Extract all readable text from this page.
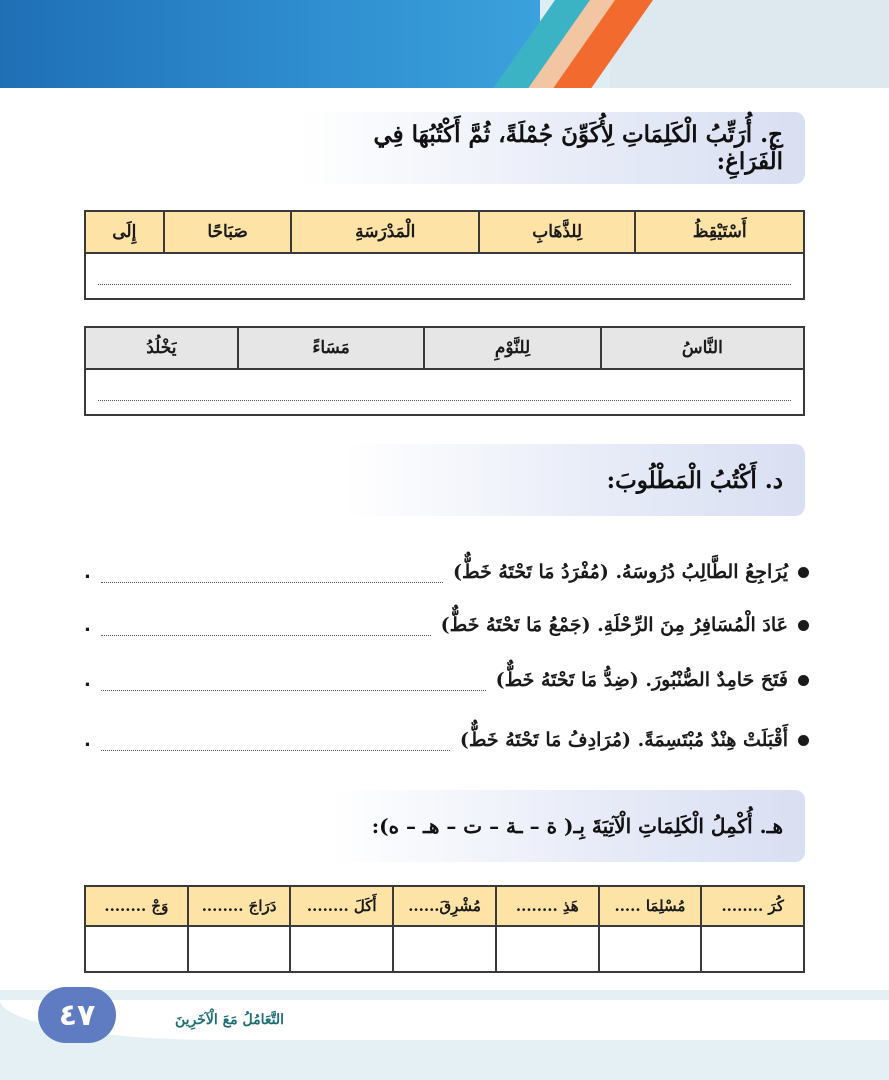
ج. أُرَتِّبُ الْكَلِمَاتِ لِأُكَوِّنَ جُمْلَةً، ثُمَّ أَكْتُبُهَا فِي الْفَرَاغِ:
أَسْتَيْقِظُ	لِلذَّهَابِ	الْمَدْرَسَةِ	صَبَاحًا	إِلَى

النَّاسُ	لِلنَّوْمِ	مَسَاءً	يَخْلُدُ

د. أَكْتُبُ الْمَطْلُوبَ:
يُرَاجِعُ الطَّالِبُ دُرُوسَهُ. (مُفْرَدُ مَا تَحْتَهُ خَطٌّ)
.
عَادَ الْمُسَافِرُ مِنَ الرِّحْلَةِ. (جَمْعُ مَا تَحْتَهُ خَطٌّ)
.
فَتَحَ حَامِدٌ الصُّنْبُورَ. (ضِدُّ مَا تَحْتَهُ خَطٌّ)
.
أَقْبَلَتْ هِنْدٌ مُبْتَسِمَةً. (مُرَادِفُ مَا تَحْتَهُ خَطٌّ)
.
هـ. أُكْمِلُ الْكَلِمَاتِ الْآتِيَةَ بِـ( ة – ـة – ت – هـ – ه):
كُرَ ........	مُسْلِمَا .....	هَذِ ........	مُشْرِقَ......	أَكَلَ ........	دَرَاجَ ........	وَجْ ........

٤٧	التَّعَامُلُ مَعَ الْآخَرِينَ
